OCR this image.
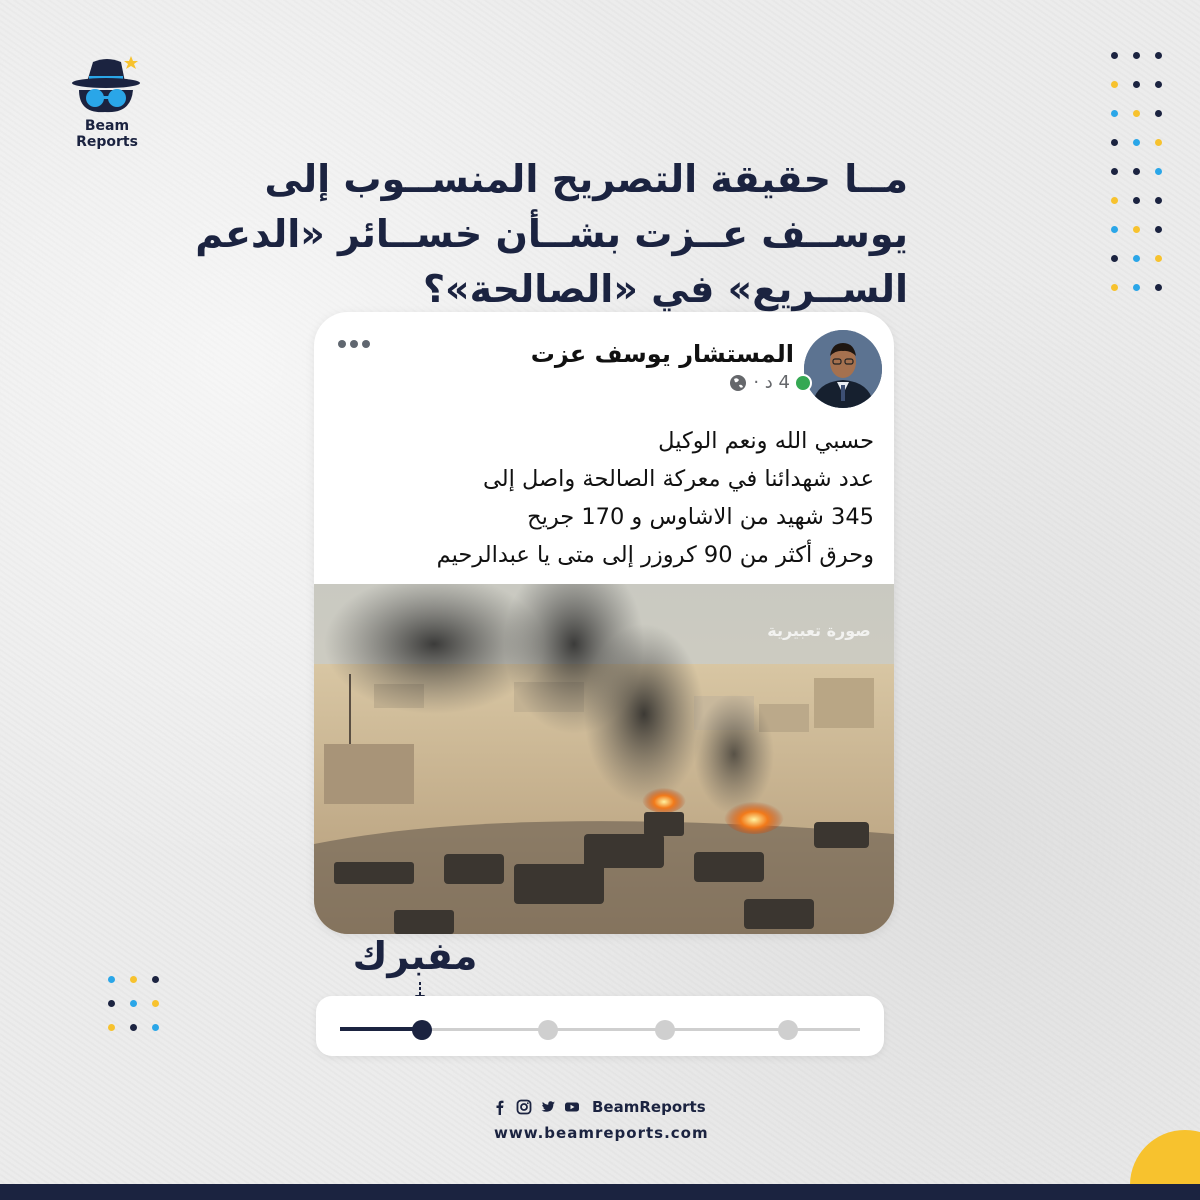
Beam Reports
مــا حقيقة التصريح المنســوب إلى يوســف عــزت بشــأن خســائر «الدعم الســريع» في «الصالحة»؟
المستشار يوسف عزت
4 د ·
حسبي الله ونعم الوكيل
عدد شهدائنا في معركة الصالحة واصل إلى
345 شهيد من الاشاوس و 170 جريح
وحرق أكثر من 90 كروزر إلى متى يا عبدالرحيم
صورة تعبيرية
مفبرك
BeamReports
www.beamreports.com
